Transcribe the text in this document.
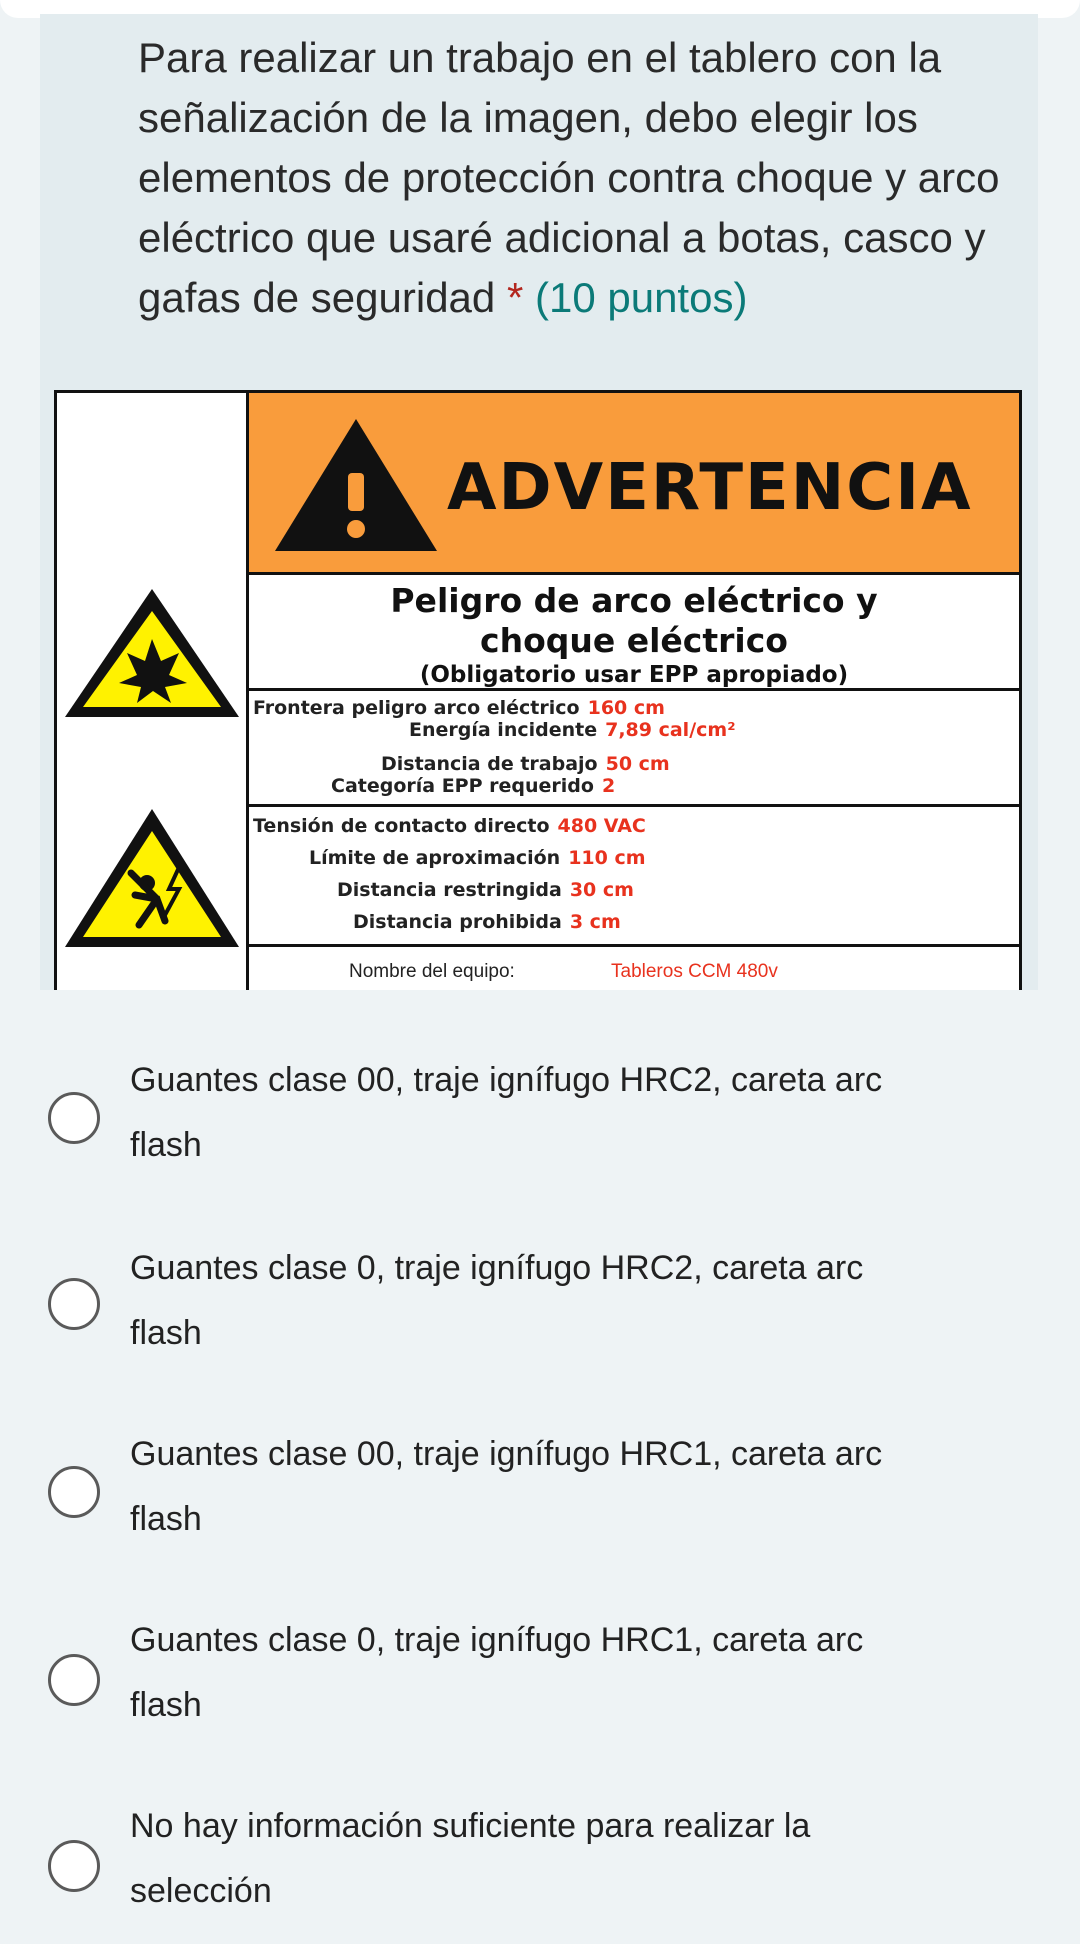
Para realizar un trabajo en el tablero con la señalización de la imagen, debo elegir los elementos de protección contra choque y arco eléctrico que usaré adicional a botas, casco y gafas de seguridad * (10 puntos)
ADVERTENCIA
Peligro de arco eléctrico y
choque eléctrico
(Obligatorio usar EPP apropiado)
Frontera peligro arco eléctrico 160 cm
Energía incidente 7,89 cal/cm²
Distancia de trabajo 50 cm
Categoría EPP requerido 2
Tensión de contacto directo 480 VAC
Límite de aproximación 110 cm
Distancia restringida 30 cm
Distancia prohibida 3 cm
Nombre del equipo:	Tableros CCM 480v
Guantes clase 00, traje ignífugo HRC2, careta arc
flash
Guantes clase 0, traje ignífugo HRC2, careta arc
flash
Guantes clase 00, traje ignífugo HRC1, careta arc
flash
Guantes clase 0, traje ignífugo HRC1, careta arc
flash
No hay información suficiente para realizar la
selección
